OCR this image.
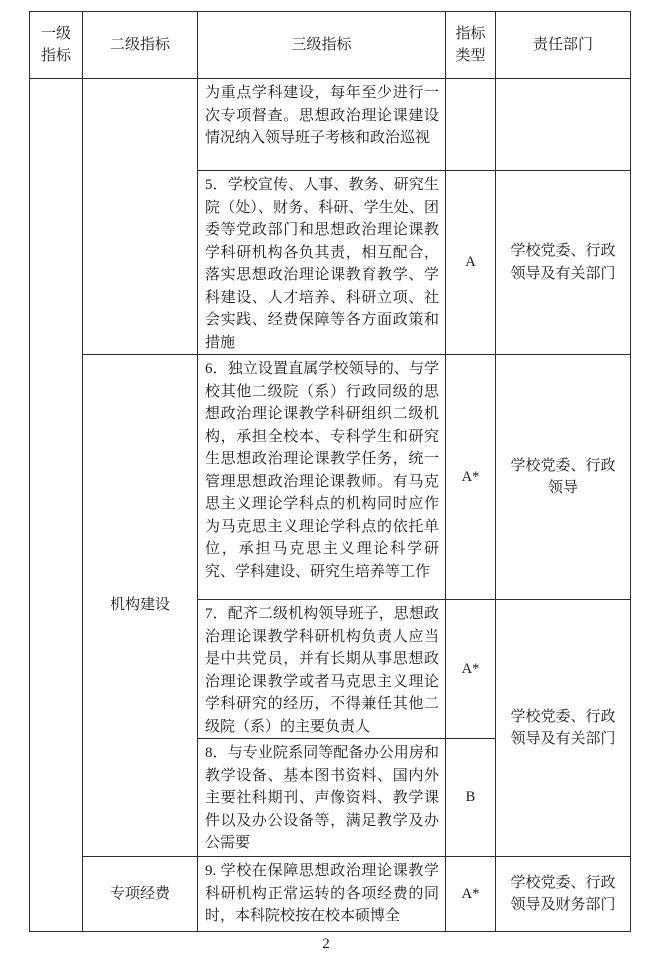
一级指标	二级指标	三级指标	指标类型	责任部门
		为重点学科建设，每年至少进行一次专项督查。思想政治理论课建设情况纳入领导班子考核和政治巡视		
		5．学校宣传、人事、教务、研究生院（处）、财务、科研、学生处、团委等党政部门和思想政治理论课教学科研机构各负其责，相互配合，落实思想政治理论课教育教学、学科建设、人才培养、科研立项、社会实践、经费保障等各方面政策和措施	A	学校党委、行政领导及有关部门
	机构建设	6．独立设置直属学校领导的、与学校其他二级院（系）行政同级的思想政治理论课教学科研组织二级机构，承担全校本、专科学生和研究生思想政治理论课教学任务，统一管理思想政治理论课教师。有马克思主义理论学科点的机构同时应作为马克思主义理论学科点的依托单位，承担马克思主义理论科学研究、学科建设、研究生培养等工作	A*	学校党委、行政领导
		7．配齐二级机构领导班子，思想政治理论课教学科研机构负责人应当是中共党员，并有长期从事思想政治理论课教学或者马克思主义理论学科研究的经历，不得兼任其他二级院（系）的主要负责人	A*	学校党委、行政领导及有关部门
		8．与专业院系同等配备办公用房和教学设备、基本图书资料、国内外主要社科期刊、声像资料、教学课件以及办公设备等，满足教学及办公需要	B	
	专项经费	9. 学校在保障思想政治理论课教学科研机构正常运转的各项经费的同时，本科院校按在校本硕博全	A*	学校党委、行政领导及财务部门
2
